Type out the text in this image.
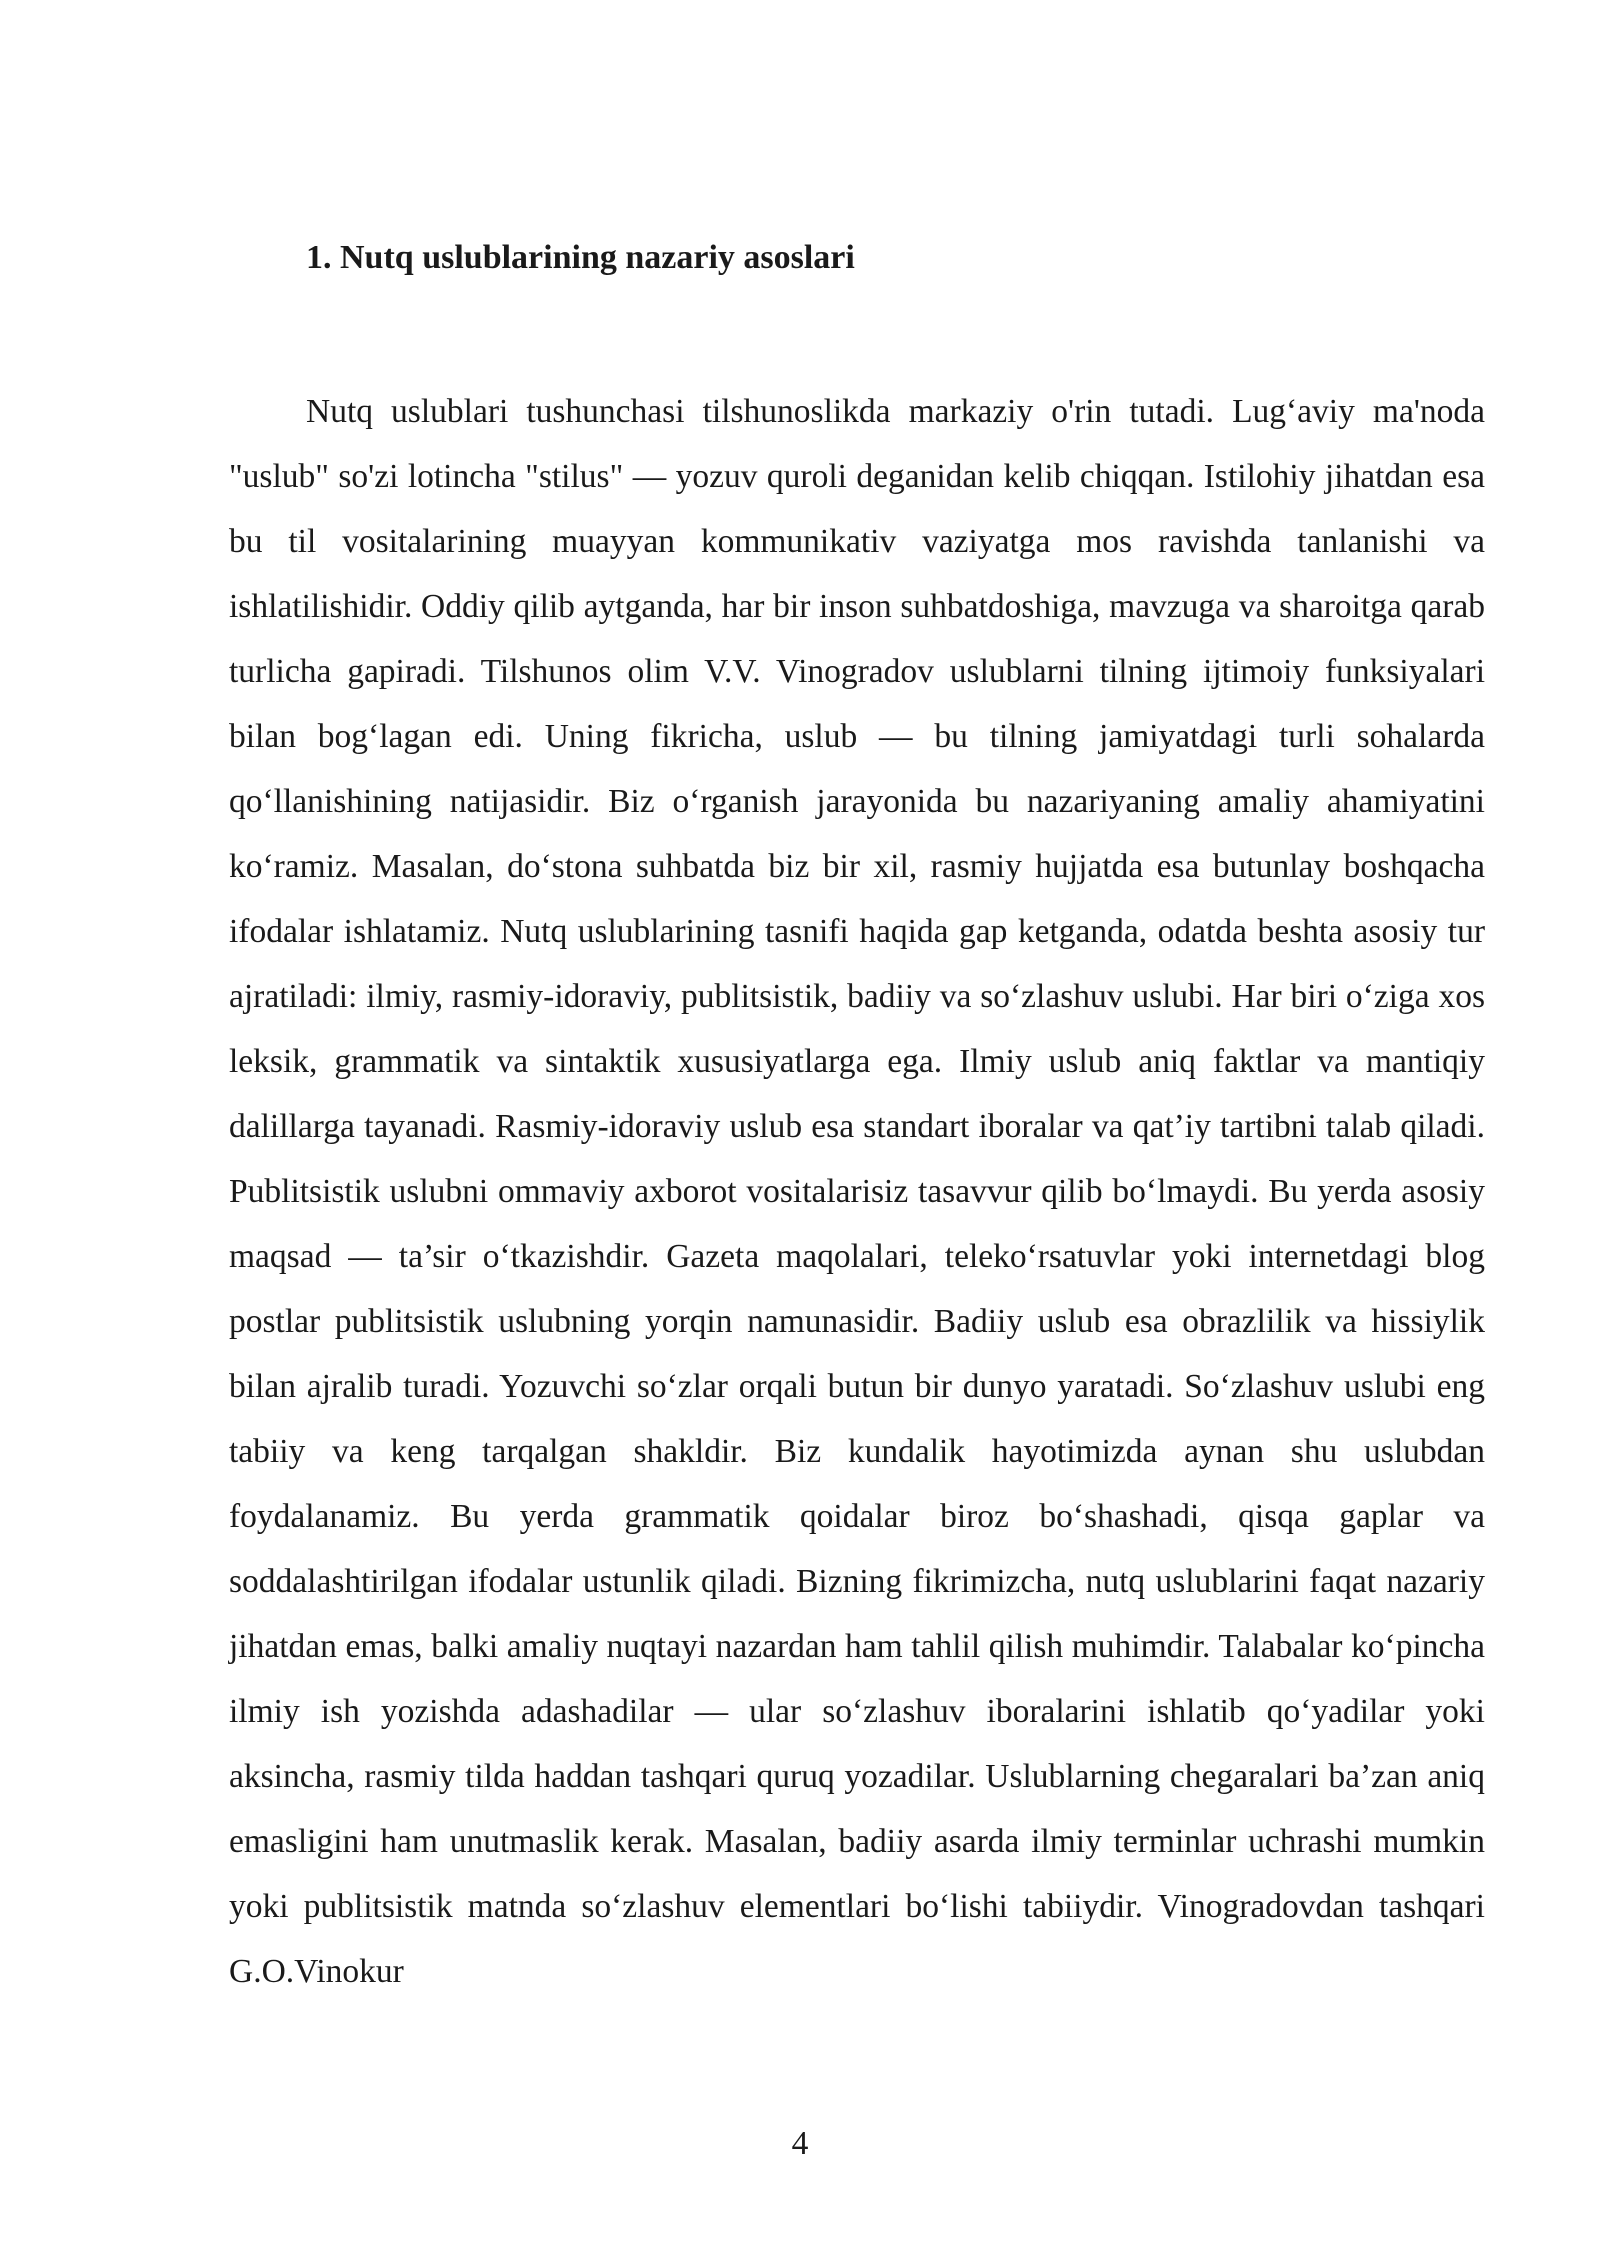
1. Nutq uslublarining nazariy asoslari

Nutq uslublari tushunchasi tilshunoslikda markaziy o'rin tutadi. Lug‘aviy ma'noda "uslub" so'zi lotincha "stilus" — yozuv quroli deganidan kelib chiqqan. Istilohiy jihatdan esa bu til vositalarining muayyan kommunikativ vaziyatga mos ravishda tanlanishi va ishlatilishidir. Oddiy qilib aytganda, har bir inson suhbatdoshiga, mavzuga va sharoitga qarab turlicha gapiradi. Tilshunos olim V.V. Vinogradov uslublarni tilning ijtimoiy funksiyalari bilan bog‘lagan edi. Uning fikricha, uslub — bu tilning jamiyatdagi turli sohalarda qo‘llanishining natijasidir. Biz o‘rganish jarayonida bu nazariyaning amaliy ahamiyatini ko‘ramiz. Masalan, do‘stona suhbatda biz bir xil, rasmiy hujjatda esa butunlay boshqacha ifodalar ishlatamiz. Nutq uslublarining tasnifi haqida gap ketganda, odatda beshta asosiy tur ajratiladi: ilmiy, rasmiy-idoraviy, publitsistik, badiiy va so‘zlashuv uslubi. Har biri o‘ziga xos leksik, grammatik va sintaktik xususiyatlarga ega. Ilmiy uslub aniq faktlar va mantiqiy dalillarga tayanadi. Rasmiy-idoraviy uslub esa standart iboralar va qat’iy tartibni talab qiladi. Publitsistik uslubni ommaviy axborot vositalarisiz tasavvur qilib bo‘lmaydi. Bu yerda asosiy maqsad — ta’sir o‘tkazishdir. Gazeta maqolalari, teleko‘rsatuvlar yoki internetdagi blog postlar publitsistik uslubning yorqin namunasidir. Badiiy uslub esa obrazlilik va hissiylik bilan ajralib turadi. Yozuvchi so‘zlar orqali butun bir dunyo yaratadi. So‘zlashuv uslubi eng tabiiy va keng tarqalgan shakldir. Biz kundalik hayotimizda aynan shu uslubdan foydalanamiz. Bu yerda grammatik qoidalar biroz bo‘shashadi, qisqa gaplar va soddalashtirilgan ifodalar ustunlik qiladi. Bizning fikrimizcha, nutq uslublarini faqat nazariy jihatdan emas, balki amaliy nuqtayi nazardan ham tahlil qilish muhimdir. Talabalar ko‘pincha ilmiy ish yozishda adashadilar — ular so‘zlashuv iboralarini ishlatib qo‘yadilar yoki aksincha, rasmiy tilda haddan tashqari quruq yozadilar. Uslublarning chegaralari ba’zan aniq emasligini ham unutmaslik kerak. Masalan, badiiy asarda ilmiy terminlar uchrashi mumkin yoki publitsistik matnda so‘zlashuv elementlari bo‘lishi tabiiydir. Vinogradovdan tashqari G.O.Vinokur

4
